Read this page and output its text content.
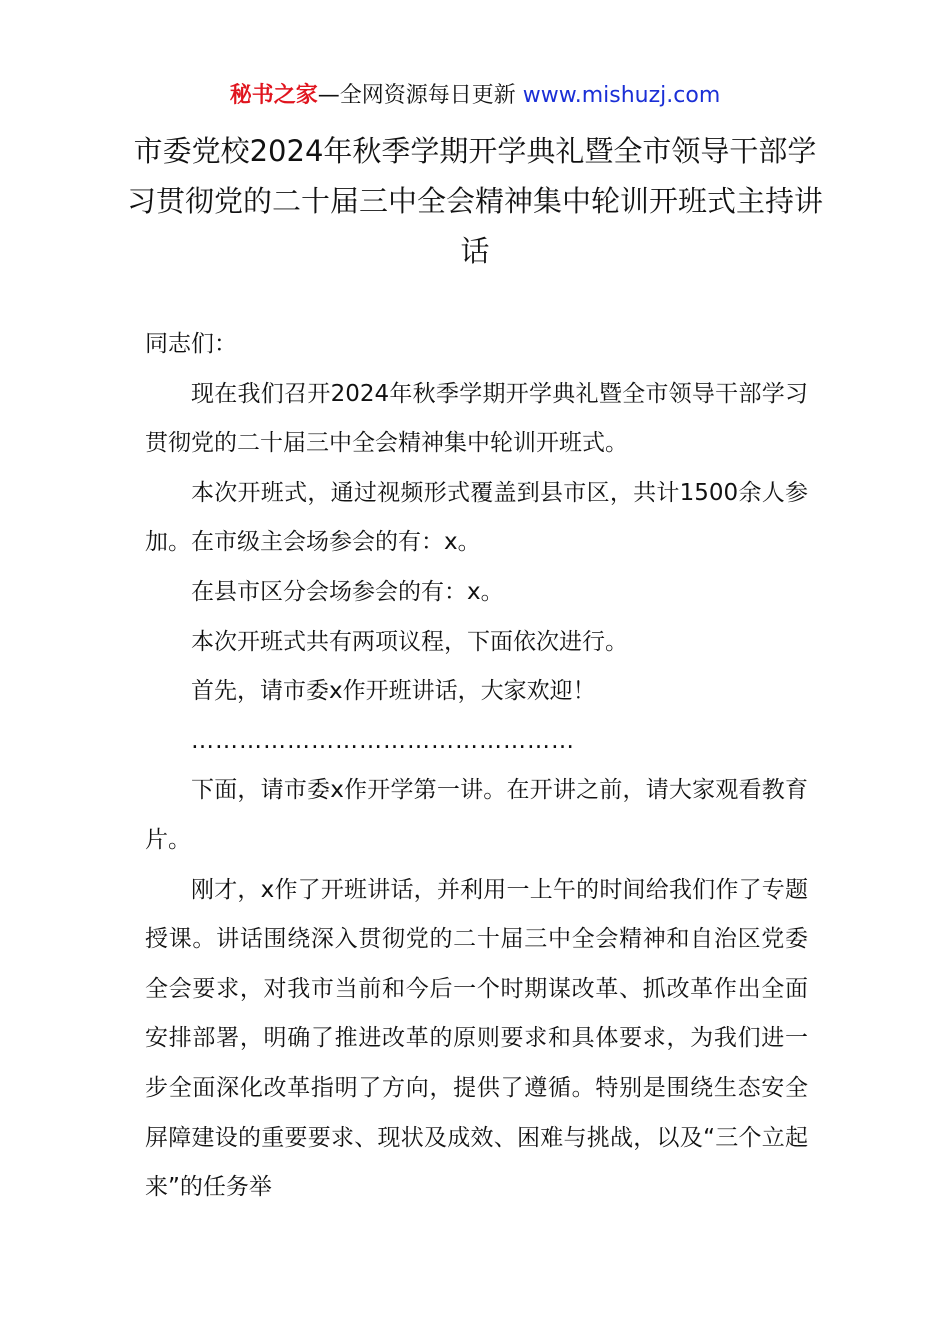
秘书之家—全网资源每日更新 www.mishuzj.com
市委党校2024年秋季学期开学典礼暨全市领导干部学习贯彻党的二十届三中全会精神集中轮训开班式主持讲话

同志们：

现在我们召开2024年秋季学期开学典礼暨全市领导干部学习贯彻党的二十届三中全会精神集中轮训开班式。

本次开班式，通过视频形式覆盖到县市区，共计1500余人参加。在市级主会场参会的有：x。

在县市区分会场参会的有：x。

本次开班式共有两项议程，下面依次进行。

首先，请市委x作开班讲话，大家欢迎！

…………………………………………

下面，请市委x作开学第一讲。在开讲之前，请大家观看教育片。

刚才，x作了开班讲话，并利用一上午的时间给我们作了专题授课。讲话围绕深入贯彻党的二十届三中全会精神和自治区党委全会要求，对我市当前和今后一个时期谋改革、抓改革作出全面安排部署，明确了推进改革的原则要求和具体要求，为我们进一步全面深化改革指明了方向，提供了遵循。特别是围绕生态安全屏障建设的重要要求、现状及成效、困难与挑战，以及“三个立起来”的任务举
